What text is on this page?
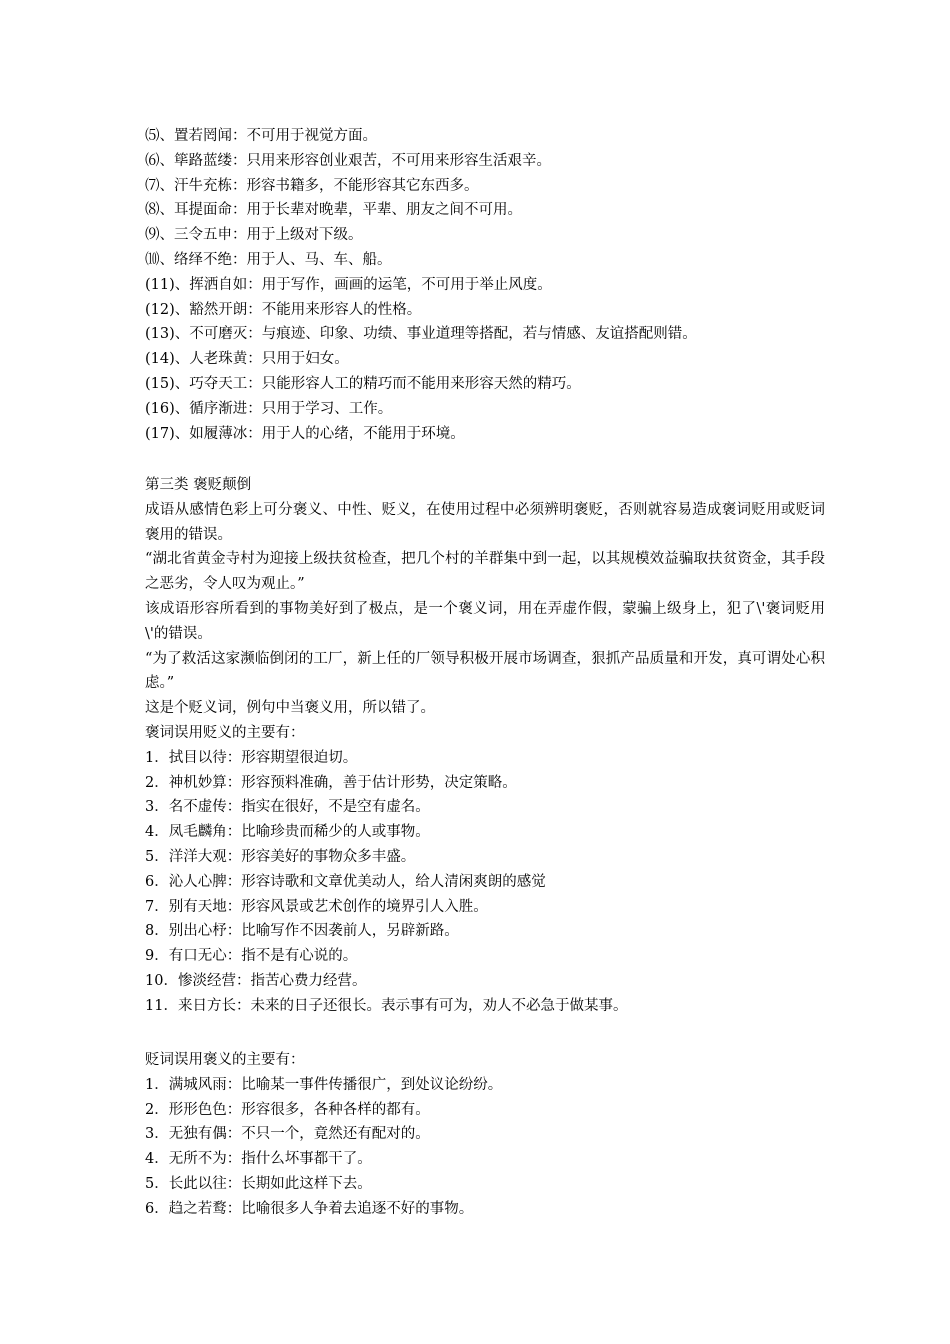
⑸、置若罔闻：不可用于视觉方面。
⑹、筚路蓝缕：只用来形容创业艰苦，不可用来形容生活艰辛。
⑺、汗牛充栋：形容书籍多，不能形容其它东西多。
⑻、耳提面命：用于长辈对晚辈，平辈、朋友之间不可用。
⑼、三令五申：用于上级对下级。
⑽、络绎不绝：用于人、马、车、船。
(11)、挥洒自如：用于写作，画画的运笔，不可用于举止风度。
(12)、豁然开朗：不能用来形容人的性格。
(13)、不可磨灭：与痕迹、印象、功绩、事业道理等搭配，若与情感、友谊搭配则错。
(14)、人老珠黄：只用于妇女。
(15)、巧夺天工：只能形容人工的精巧而不能用来形容天然的精巧。
(16)、循序渐进：只用于学习、工作。
(17)、如履薄冰：用于人的心绪，不能用于环境。
第三类 褒贬颠倒
成语从感情色彩上可分褒义、中性、贬义，在使用过程中必须辨明褒贬，否则就容易造成褒词贬用或贬词褒用的错误。
“湖北省黄金寺村为迎接上级扶贫检查，把几个村的羊群集中到一起，以其规模效益骗取扶贫资金，其手段之恶劣，令人叹为观止。”
该成语形容所看到的事物美好到了极点，是一个褒义词，用在弄虚作假，蒙骗上级身上，犯了\'褒词贬用\'的错误。
“为了救活这家濒临倒闭的工厂，新上任的厂领导积极开展市场调查，狠抓产品质量和开发，真可谓处心积虑。”
这是个贬义词，例句中当褒义用，所以错了。
褒词误用贬义的主要有：
1．拭目以待：形容期望很迫切。
2．神机妙算：形容预料准确，善于估计形势，决定策略。
3．名不虚传：指实在很好，不是空有虚名。
4．凤毛麟角：比喻珍贵而稀少的人或事物。
5．洋洋大观：形容美好的事物众多丰盛。
6．沁人心脾：形容诗歌和文章优美动人，给人清闲爽朗的感觉
7．别有天地：形容风景或艺术创作的境界引人入胜。
8．别出心杼：比喻写作不因袭前人，另辟新路。
9．有口无心：指不是有心说的。
10．惨淡经营：指苦心费力经营。
11．来日方长：未来的日子还很长。表示事有可为，劝人不必急于做某事。
贬词误用褒义的主要有：
1．满城风雨：比喻某一事件传播很广，到处议论纷纷。
2．形形色色：形容很多，各种各样的都有。
3．无独有偶：不只一个，竟然还有配对的。
4．无所不为：指什么坏事都干了。
5．长此以往：长期如此这样下去。
6．趋之若鹜：比喻很多人争着去追逐不好的事物。
